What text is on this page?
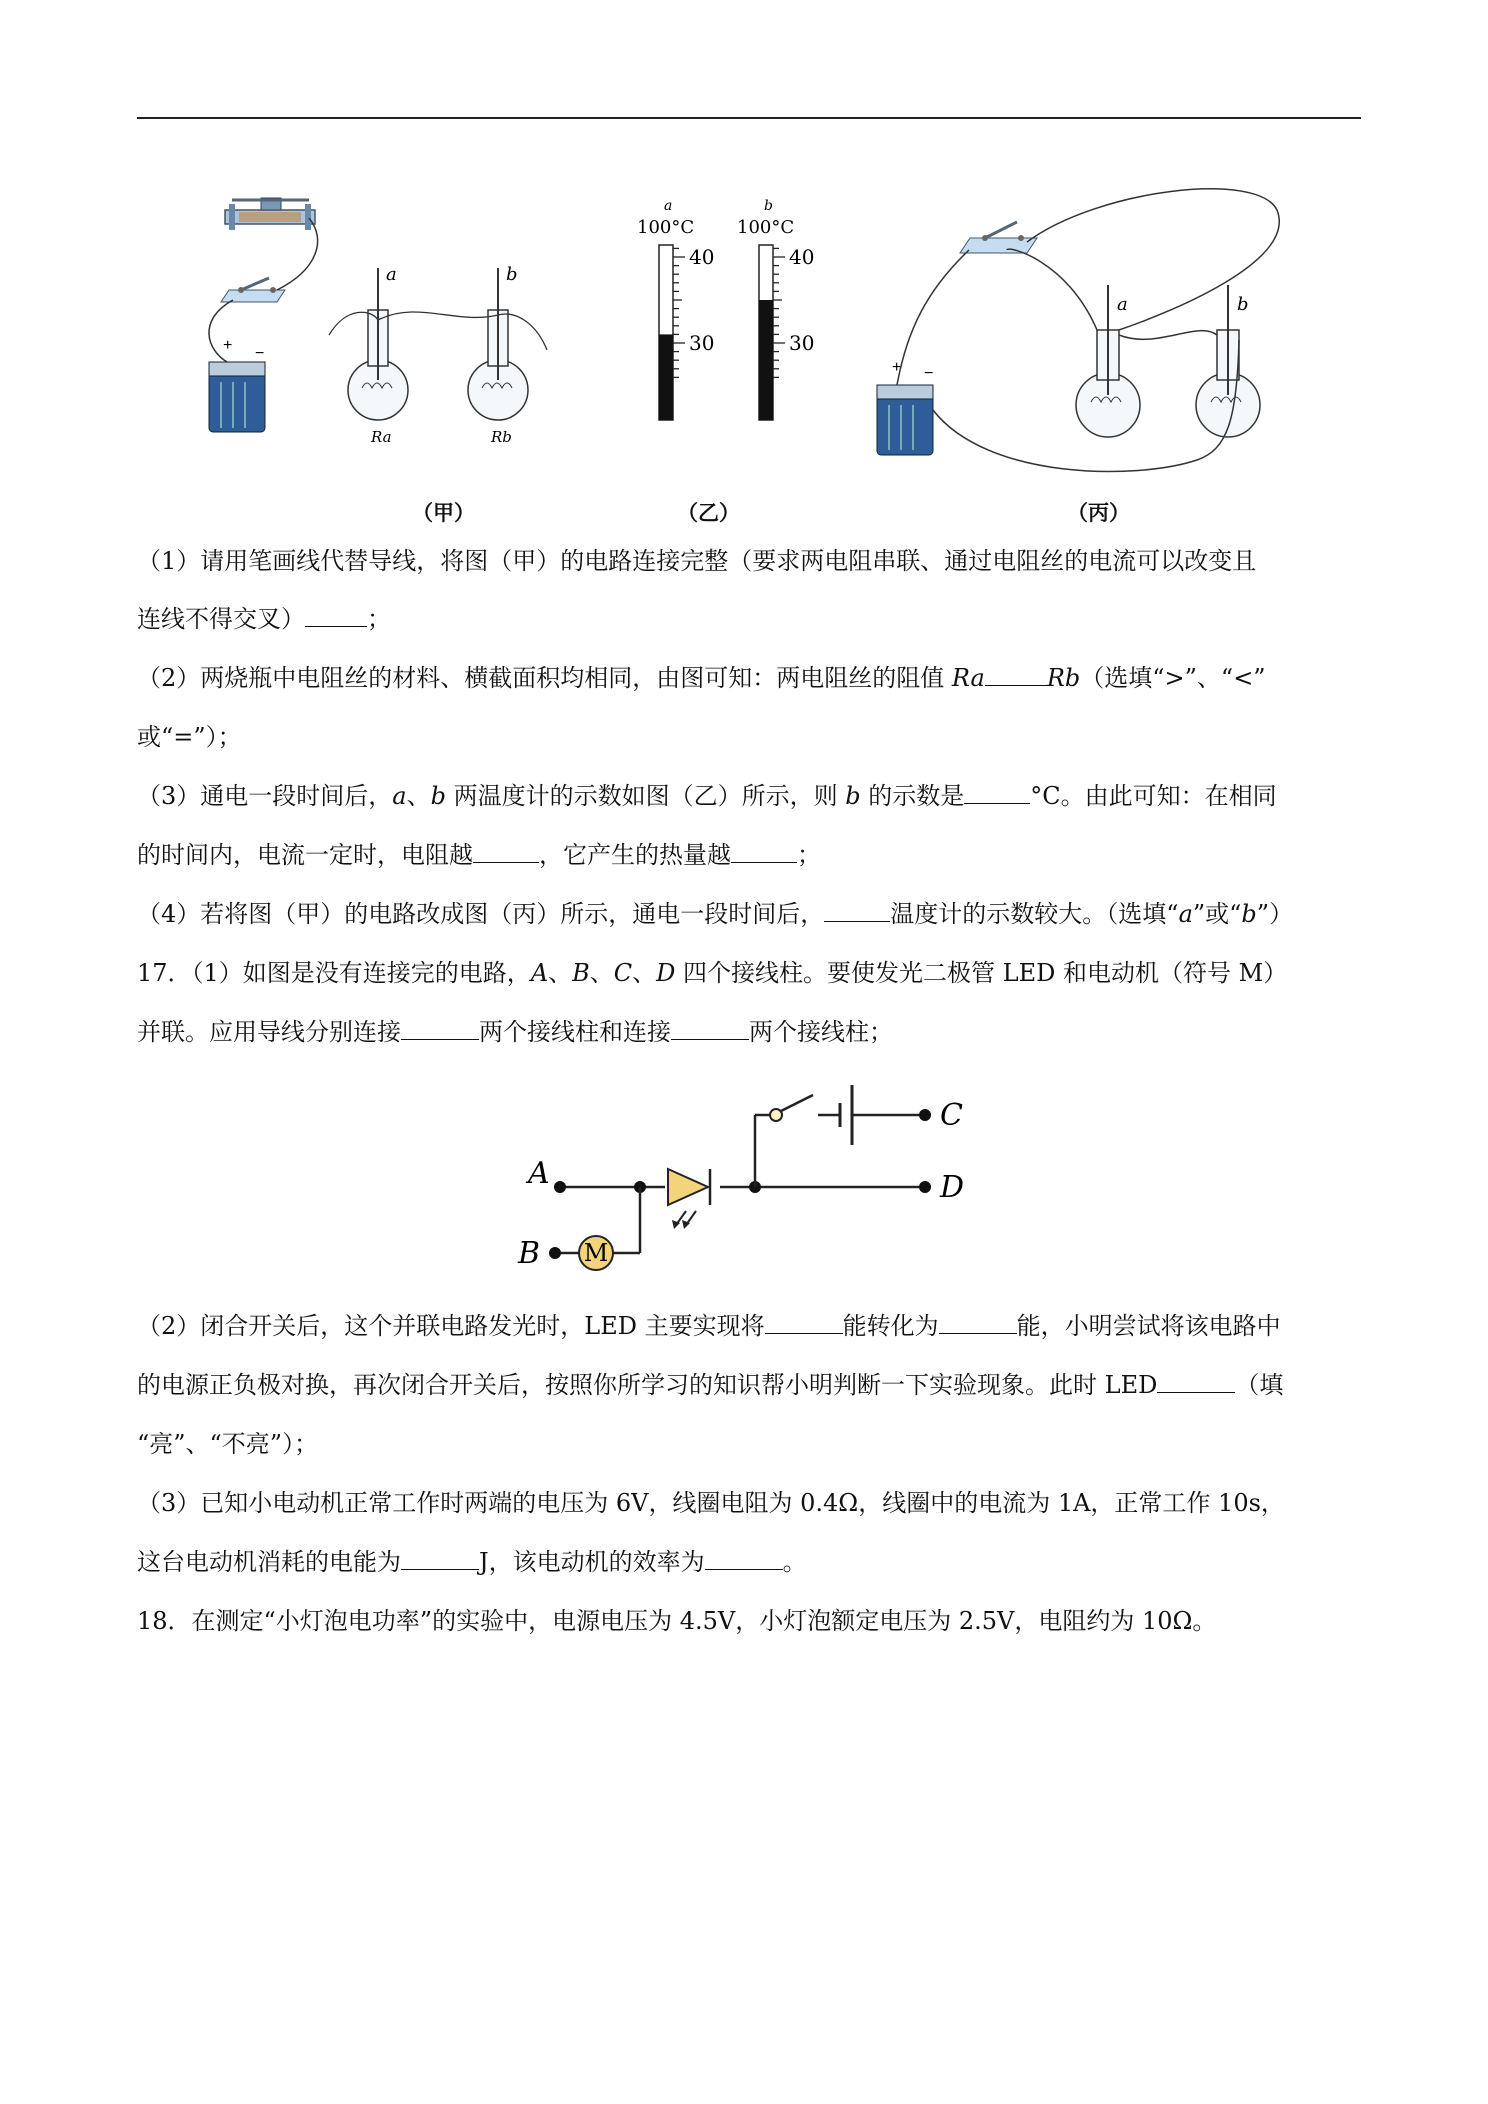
+ −
a	b
Ra	Rb
a
100°C
40
30
b
100°C
40
30
+ −
a	b
（甲）	（乙）	（丙）
（1）请用笔画线代替导线，将图（甲）的电路连接完整（要求两电阻串联、通过电阻丝的电流可以改变且
连线不得交叉）	；
（2）两烧瓶中电阻丝的材料、横截面积均相同，由图可知：两电阻丝的阻值 Ra	Rb（选填“>”、“<”
或“=”）；
（3）通电一段时间后，a、b 两温度计的示数如图（乙）所示，则 b 的示数是	°C。由此可知：在相同
的时间内，电流一定时，电阻越	，它产生的热量越	；
（4）若将图（甲）的电路改成图（丙）所示，通电一段时间后，	温度计的示数较大。（选填“a”或“b”）
17．（1）如图是没有连接完的电路，A、B、C、D 四个接线柱。要使发光二极管 LED 和电动机（符号 M）
并联。应用导线分别连接	两个接线柱和连接	两个接线柱；
M
A
B
C
D
（2）闭合开关后，这个并联电路发光时，LED 主要实现将	能转化为	能，小明尝试将该电路中
的电源正负极对换，再次闭合开关后，按照你所学习的知识帮小明判断一下实验现象。此时 LED	（填
“亮”、“不亮”）；
（3）已知小电动机正常工作时两端的电压为 6V，线圈电阻为 0.4Ω，线圈中的电流为 1A，正常工作 10s，
这台电动机消耗的电能为	J，该电动机的效率为	。
18．在测定“小灯泡电功率”的实验中，电源电压为 4.5V，小灯泡额定电压为 2.5V，电阻约为 10Ω。
